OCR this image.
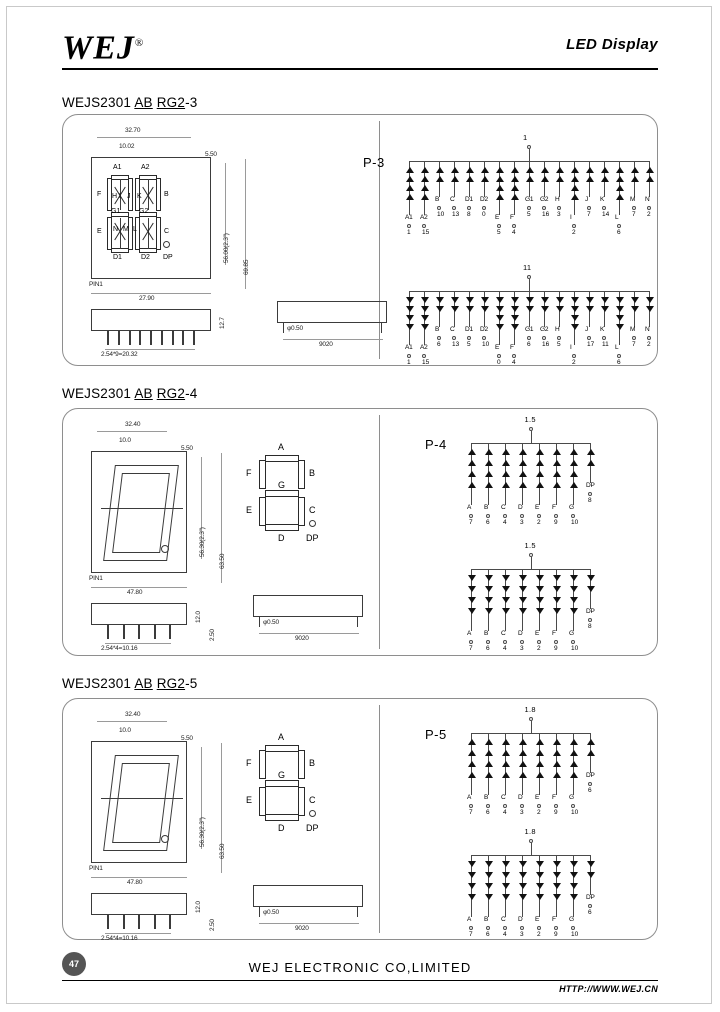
WEJ®	LED Display
WEJS2301 AB RG2-3
A1	A2
F H I J K	B
G1	G2
E N M L	C
D1	D2 DP
32.70
10.02
5.50
56.00(2.3")
69.85
27.90
PIN1
2.54*9=20.32
12.7
9020
φ0.50
P-3
1
A1
1
A2
15
B
10
C
13
D1
8
D2
0 E
5
F
4
G1
5
G2
16
H
3 I
2
J
7
K
14 L
6
M
7
N
2
11
A1
1
A2
15
B
6
C
13
D1
5
D2
10 E
0
F
4
G1
6
G2
16
H
5 I
2
J
17
K
11 L
6
M
7
N
2
WEJS2301 AB RG2-4
32.40
10.0
5.50
56.30(2.3")
63.50
47.80
PIN1
2.54*4=10.16
12.0
2.50	9020
φ0.50
A
B
C
D
E
F
G
DP
P-4
1.5
A
7
B
6
C
4
D
3
E
2
F
9
G
10
DP
8
1.5
A
7
B
6
C
4
D
3
E
2
F
9
G
10
DP
8
WEJS2301 AB RG2-5
32.40
10.0
5.50
56.30(2.3")
63.50
47.80
PIN1
2.54*4=10.16
12.0
2.50	9020
φ0.50
A
B
C
D
E
F
G
DP
P-5
1.8
A
7
B
6
C
4
D
3
E
2
F
9
G
10
DP
6
1.8
A
7
B
6
C
4
D
3
E
2
F
9
G
10
DP
6
47	WEJ ELECTRONIC CO,LIMITED
HTTP://WWW.WEJ.CN
